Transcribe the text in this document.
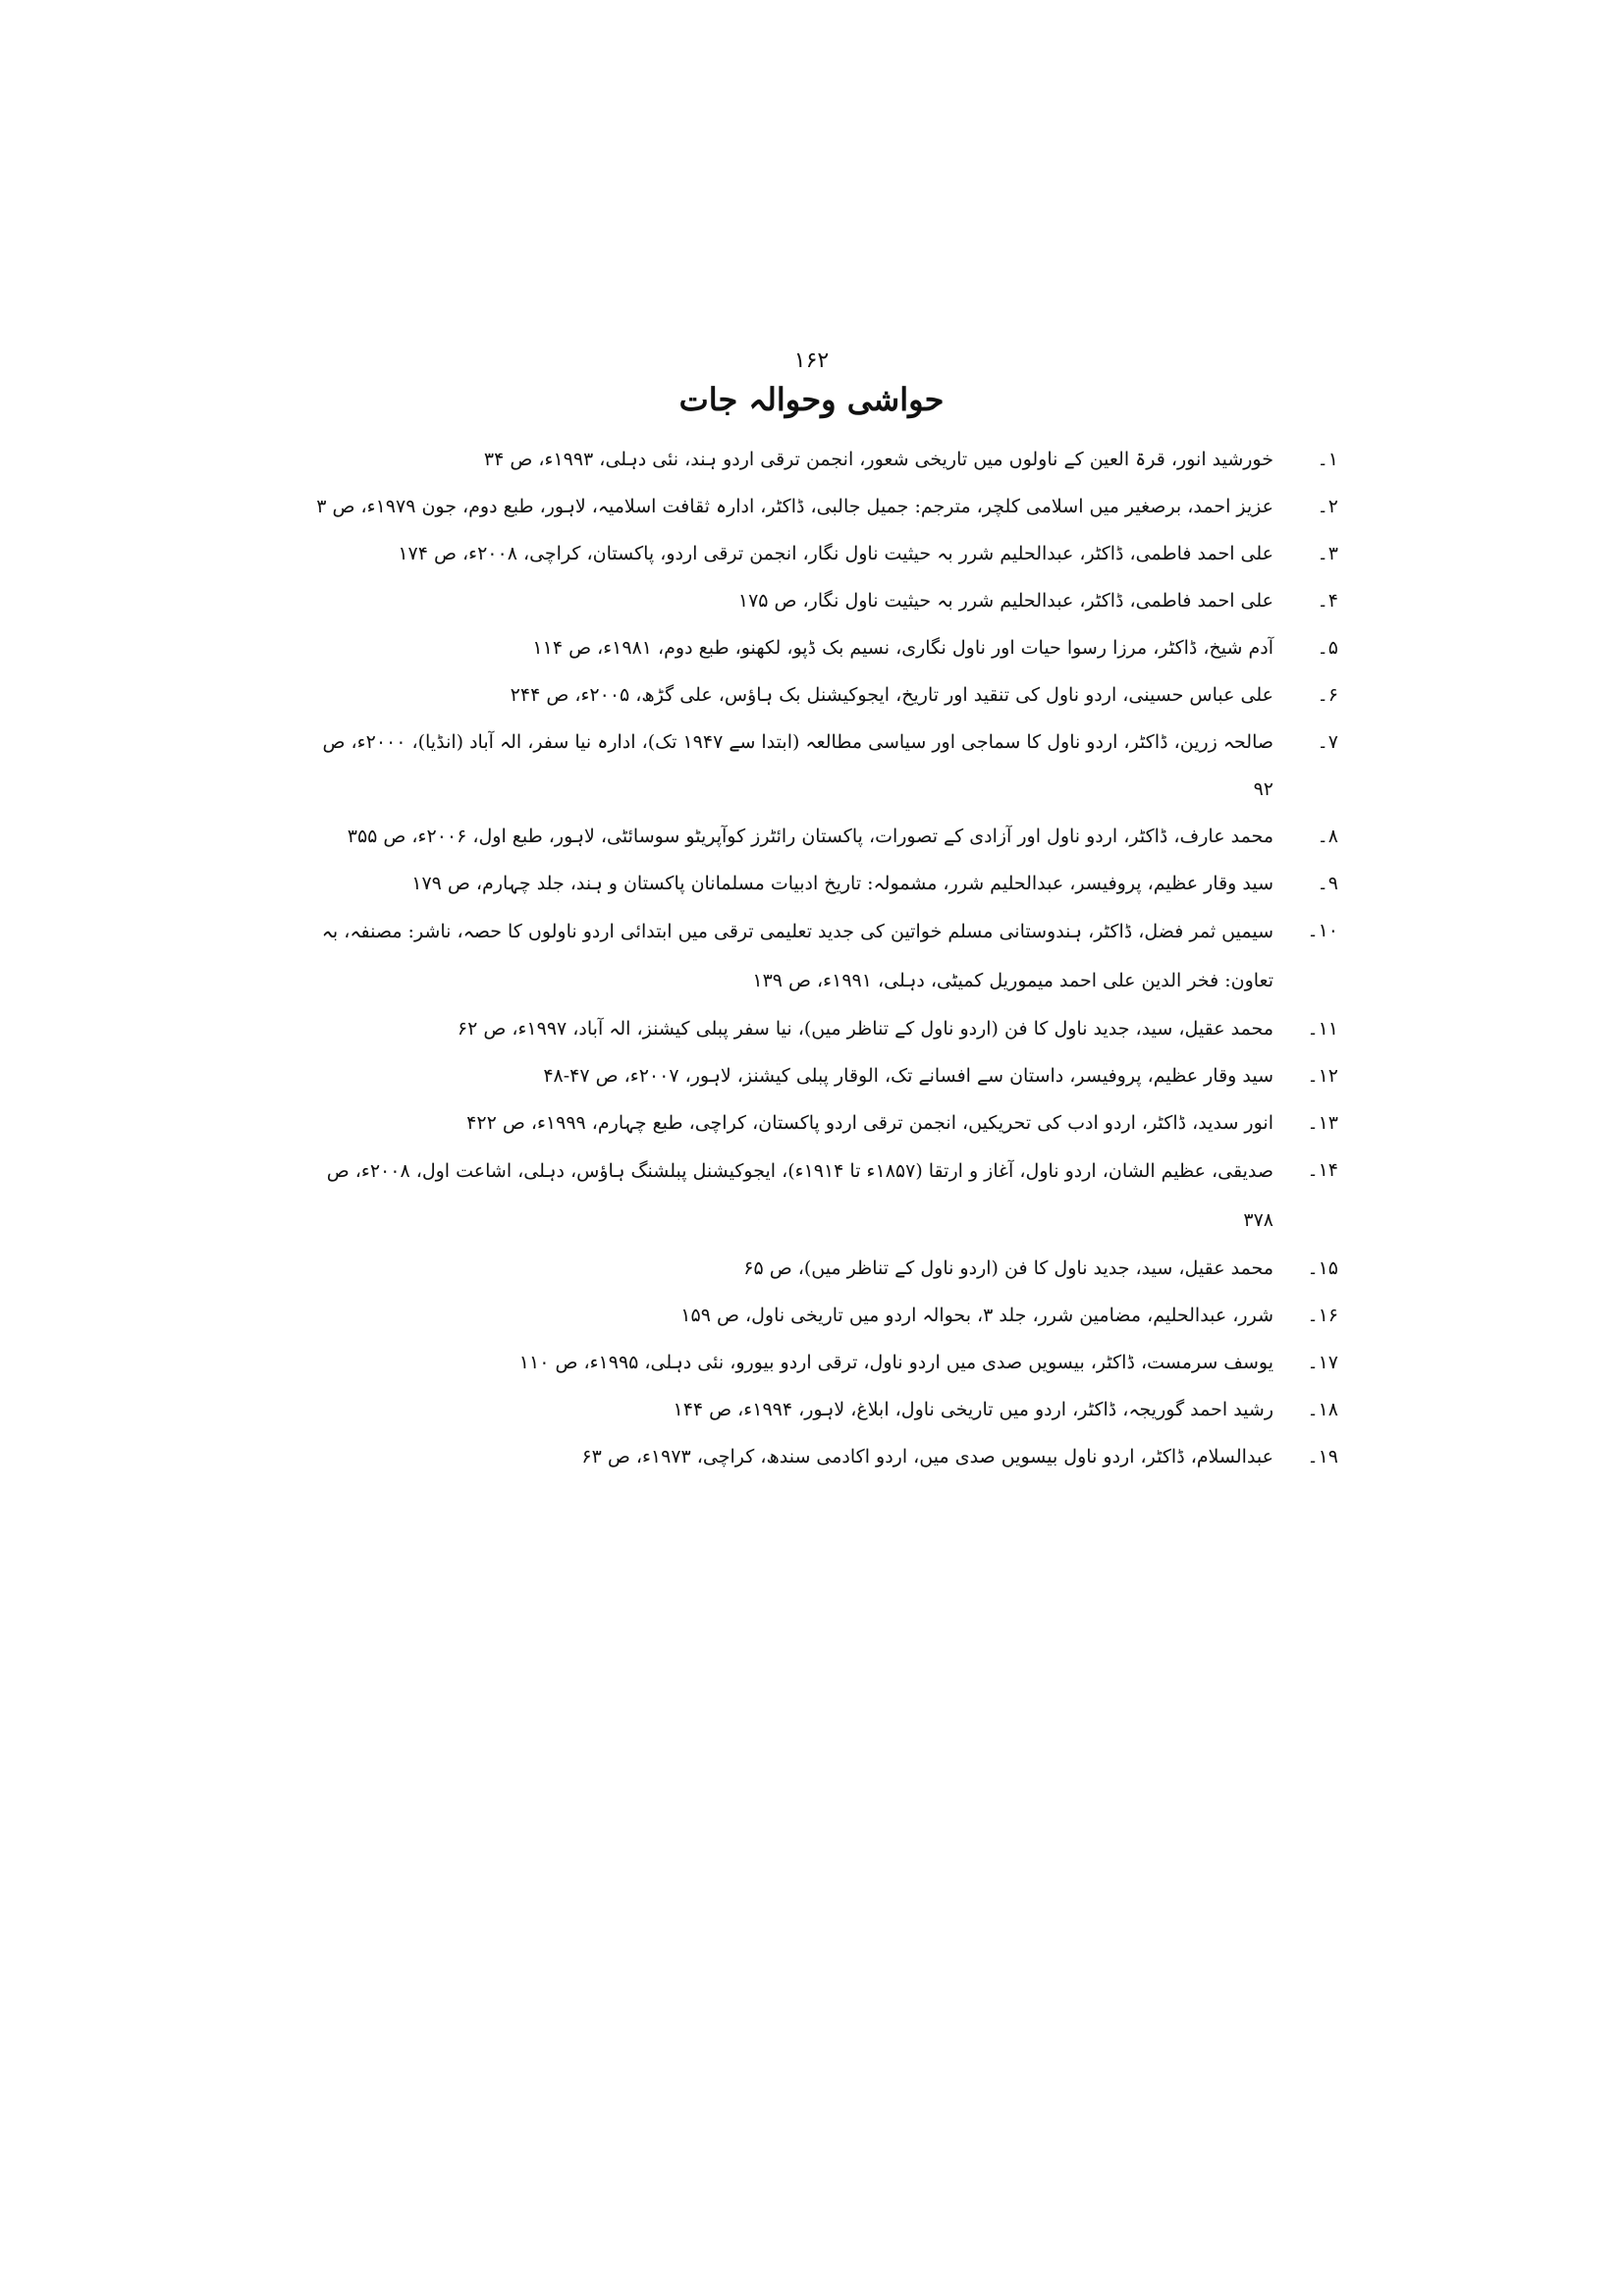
۱۶۲
حواشی وحوالہ جات
۱۔
خورشید انور، قرۃ العین کے ناولوں میں تاریخی شعور، انجمن ترقی اردو ہند، نئی دہلی، ۱۹۹۳ء، ص ۳۴
۲۔
عزیز احمد، برصغیر میں اسلامی کلچر، مترجم: جمیل جالبی، ڈاکٹر، ادارہ ثقافت اسلامیہ، لاہور، طبع دوم، جون ۱۹۷۹ء، ص ۳
۳۔
علی احمد فاطمی، ڈاکٹر، عبدالحلیم شرر بہ حیثیت ناول نگار، انجمن ترقی اردو، پاکستان، کراچی، ۲۰۰۸ء، ص ۱۷۴
۴۔
علی احمد فاطمی، ڈاکٹر، عبدالحلیم شرر بہ حیثیت ناول نگار، ص ۱۷۵
۵۔
آدم شیخ، ڈاکٹر، مرزا رسوا حیات اور ناول نگاری، نسیم بک ڈپو، لکھنو، طبع دوم، ۱۹۸۱ء، ص ۱۱۴
۶۔
علی عباس حسینی، اردو ناول کی تنقید اور تاریخ، ایجوکیشنل بک ہاؤس، علی گڑھ، ۲۰۰۵ء، ص ۲۴۴
۷۔
صالحہ زرین، ڈاکٹر، اردو ناول کا سماجی اور سیاسی مطالعہ (ابتدا سے ۱۹۴۷ تک)، ادارہ نیا سفر، الہ آباد (انڈیا)، ۲۰۰۰ء، ص ۹۲
۸۔
محمد عارف، ڈاکٹر، اردو ناول اور آزادی کے تصورات، پاکستان رائٹرز کوآپریٹو سوسائٹی، لاہور، طبع اول، ۲۰۰۶ء، ص ۳۵۵
۹۔
سید وقار عظیم، پروفیسر، عبدالحلیم شرر، مشمولہ: تاریخ ادبیات مسلمانان پاکستان و ہند، جلد چہارم، ص ۱۷۹
۱۰۔
سیمیں ثمر فضل، ڈاکٹر، ہندوستانی مسلم خواتین کی جدید تعلیمی ترقی میں ابتدائی اردو ناولوں کا حصہ، ناشر: مصنفہ، بہ تعاون: فخر الدین علی احمد میموریل کمیٹی، دہلی، ۱۹۹۱ء، ص ۱۳۹
۱۱۔
محمد عقیل، سید، جدید ناول کا فن (اردو ناول کے تناظر میں)، نیا سفر پبلی کیشنز، الہ آباد، ۱۹۹۷ء، ص ۶۲
۱۲۔
سید وقار عظیم، پروفیسر، داستان سے افسانے تک، الوقار پبلی کیشنز، لاہور، ۲۰۰۷ء، ص ۴۷-۴۸
۱۳۔
انور سدید، ڈاکٹر، اردو ادب کی تحریکیں، انجمن ترقی اردو پاکستان، کراچی، طبع چہارم، ۱۹۹۹ء، ص ۴۲۲
۱۴۔
صدیقی، عظیم الشان، اردو ناول، آغاز و ارتقا (۱۸۵۷ء تا ۱۹۱۴ء)، ایجوکیشنل پبلشنگ ہاؤس، دہلی، اشاعت اول، ۲۰۰۸ء، ص ۳۷۸
۱۵۔
محمد عقیل، سید، جدید ناول کا فن (اردو ناول کے تناظر میں)، ص ۶۵
۱۶۔
شرر، عبدالحلیم، مضامین شرر، جلد ۳، بحوالہ اردو میں تاریخی ناول، ص ۱۵۹
۱۷۔
یوسف سرمست، ڈاکٹر، بیسویں صدی میں اردو ناول، ترقی اردو بیورو، نئی دہلی، ۱۹۹۵ء، ص ۱۱۰
۱۸۔
رشید احمد گوریجہ، ڈاکٹر، اردو میں تاریخی ناول، ابلاغ، لاہور، ۱۹۹۴ء، ص ۱۴۴
۱۹۔
عبدالسلام، ڈاکٹر، اردو ناول بیسویں صدی میں، اردو اکادمی سندھ، کراچی، ۱۹۷۳ء، ص ۶۳
